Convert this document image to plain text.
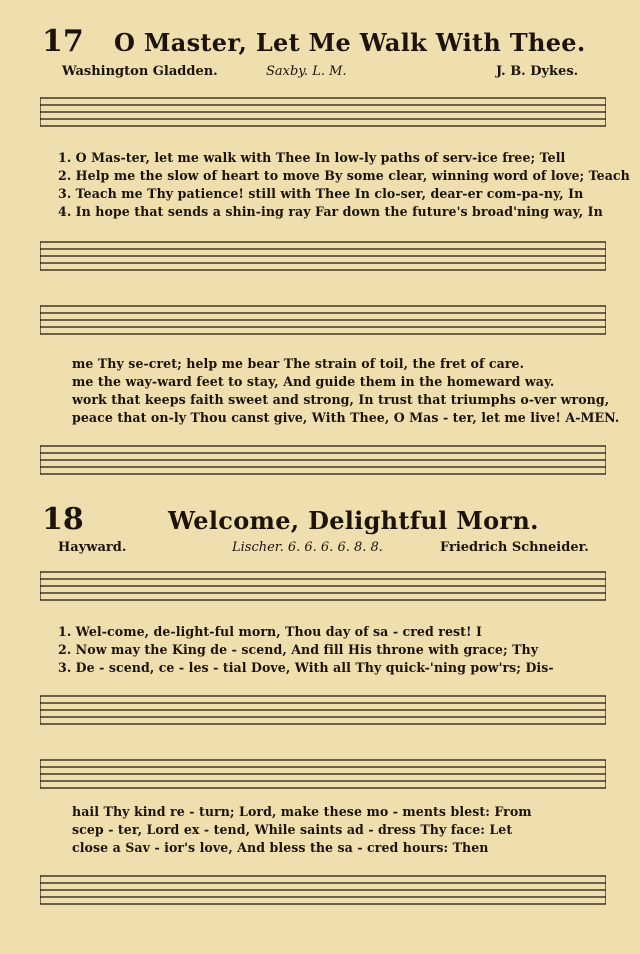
17 O Master, Let Me Walk With Thee.
Washington Gladden.	Saxby. L. M.	J. B. Dykes.
1. O Mas-ter, let me walk with Thee In low-ly paths of serv-ice free; Tell
2. Help me the slow of heart to move By some clear, winning word of love; Teach
3. Teach me Thy patience! still with Thee In clo-ser, dear-er com-pa-ny, In
4. In hope that sends a shin-ing ray Far down the future's broad'ning way, In
me Thy se-cret; help me bear The strain of toil, the fret of care.
me the way-ward feet to stay, And guide them in the homeward way.
work that keeps faith sweet and strong, In trust that triumphs o-ver wrong,
peace that on-ly Thou canst give, With Thee, O Mas - ter, let me live! A-MEN.
18	Welcome, Delightful Morn.
Hayward.	Lischer. 6. 6. 6. 6. 8. 8.	Friedrich Schneider.
1. Wel-come, de-light-ful morn, Thou day of sa - cred rest! I
2. Now may the King de - scend, And fill His throne with grace; Thy
3. De - scend, ce - les - tial Dove, With all Thy quick-'ning pow'rs; Dis-
hail Thy kind re - turn; Lord, make these mo - ments blest: From
scep - ter, Lord ex - tend, While saints ad - dress Thy face: Let
close a Sav - ior's love, And bless the sa - cred hours: Then
